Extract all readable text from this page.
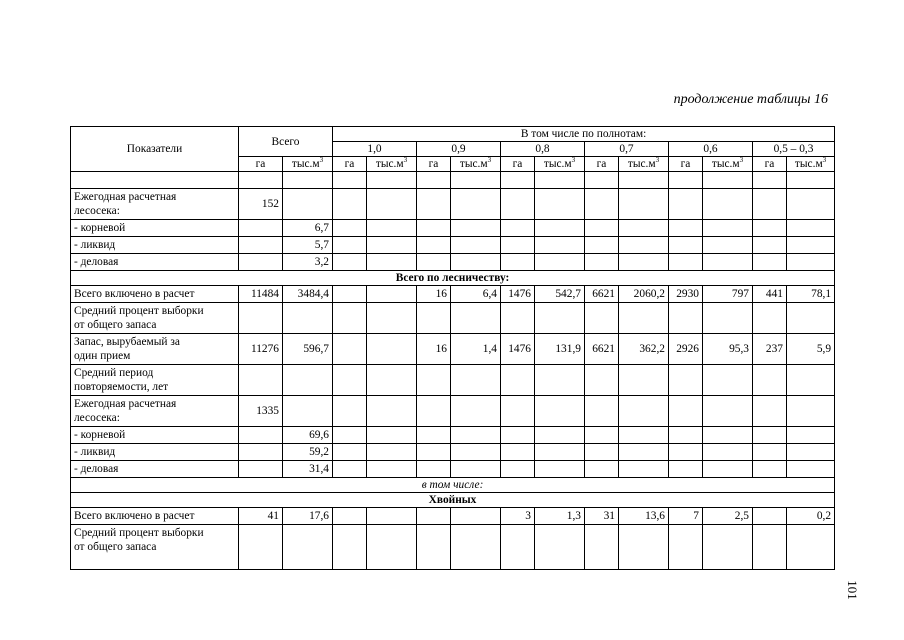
продолжение таблицы 16
Показатели	Всего		В том числе по полнотам:											
			1,0		0,9		0,8		0,7		0,6		0,5 – 0,3	
	га	$тыс.м^3$	га	$тыс.м^3$	га	$тыс.м^3$	га	$тыс.м^3$	га	$тыс.м^3$	га	$тыс.м^3$	га	$тыс.м^3$

Ежегодная расчетная
лесосека:	152													

- корневой		6,7												

- ликвид		5,7												

- деловая		3,2												
Всего по лесничеству:														

Всего включено в расчет	11484	3484,4			16	6,4	1476	542,7	6621	2060,2	2930	797	441	78,1

Средний процент выборки
от общего запаса														

Запас, вырубаемый за
один прием	11276	596,7			16	1,4	1476	131,9	6621	362,2	2926	95,3	237	5,9

Средний период
повторяемости, лет														

Ежегодная расчетная
лесосека:	1335													

- корневой		69,6												

- ликвид		59,2												

- деловая		31,4												
в том числе:														
Хвойных														

Всего включено в расчет	41	17,6					3	1,3	31	13,6	7	2,5		0,2

Средний процент выборки
от общего запаса														

101
